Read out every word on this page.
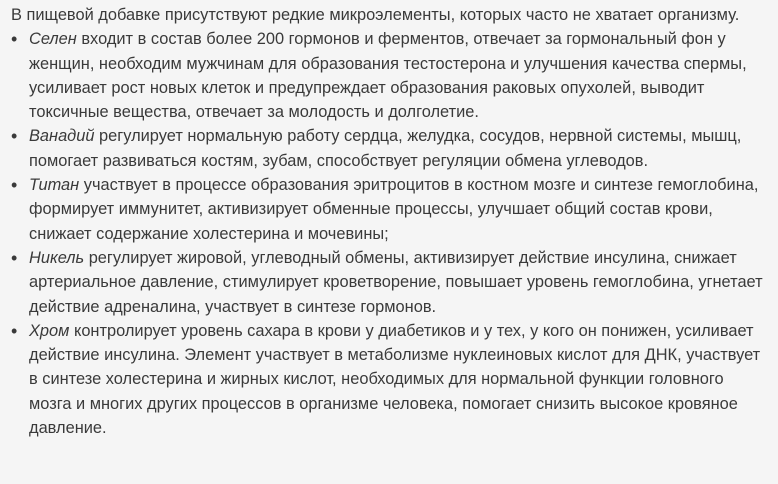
В пищевой добавке присутствуют редкие микроэлементы, которых часто не хватает организму.

• Селен входит в состав более 200 гормонов и ферментов, отвечает за гормональный фон у женщин, необходим мужчинам для образования тестостерона и улучшения качества спермы, усиливает рост новых клеток и предупреждает образования раковых опухолей, выводит токсичные вещества, отвечает за молодость и долголетие.
• Ванадий регулирует нормальную работу сердца, желудка, сосудов, нервной системы, мышц, помогает развиваться костям, зубам, способствует регуляции обмена углеводов.
• Титан участвует в процессе образования эритроцитов в костном мозге и синтезе гемоглобина, формирует иммунитет, активизирует обменные процессы, улучшает общий состав крови, снижает содержание холестерина и мочевины;
• Никель регулирует жировой, углеводный обмены, активизирует действие инсулина, снижает артериальное давление, стимулирует кроветворение, повышает уровень гемоглобина, угнетает действие адреналина, участвует в синтезе гормонов.
• Хром контролирует уровень сахара в крови у диабетиков и у тех, у кого он понижен, усиливает действие инсулина. Элемент участвует в метаболизме нуклеиновых кислот для ДНК, участвует в синтезе холестерина и жирных кислот, необходимых для нормальной функции головного мозга и многих других процессов в организме человека, помогает снизить высокое кровяное давление.
